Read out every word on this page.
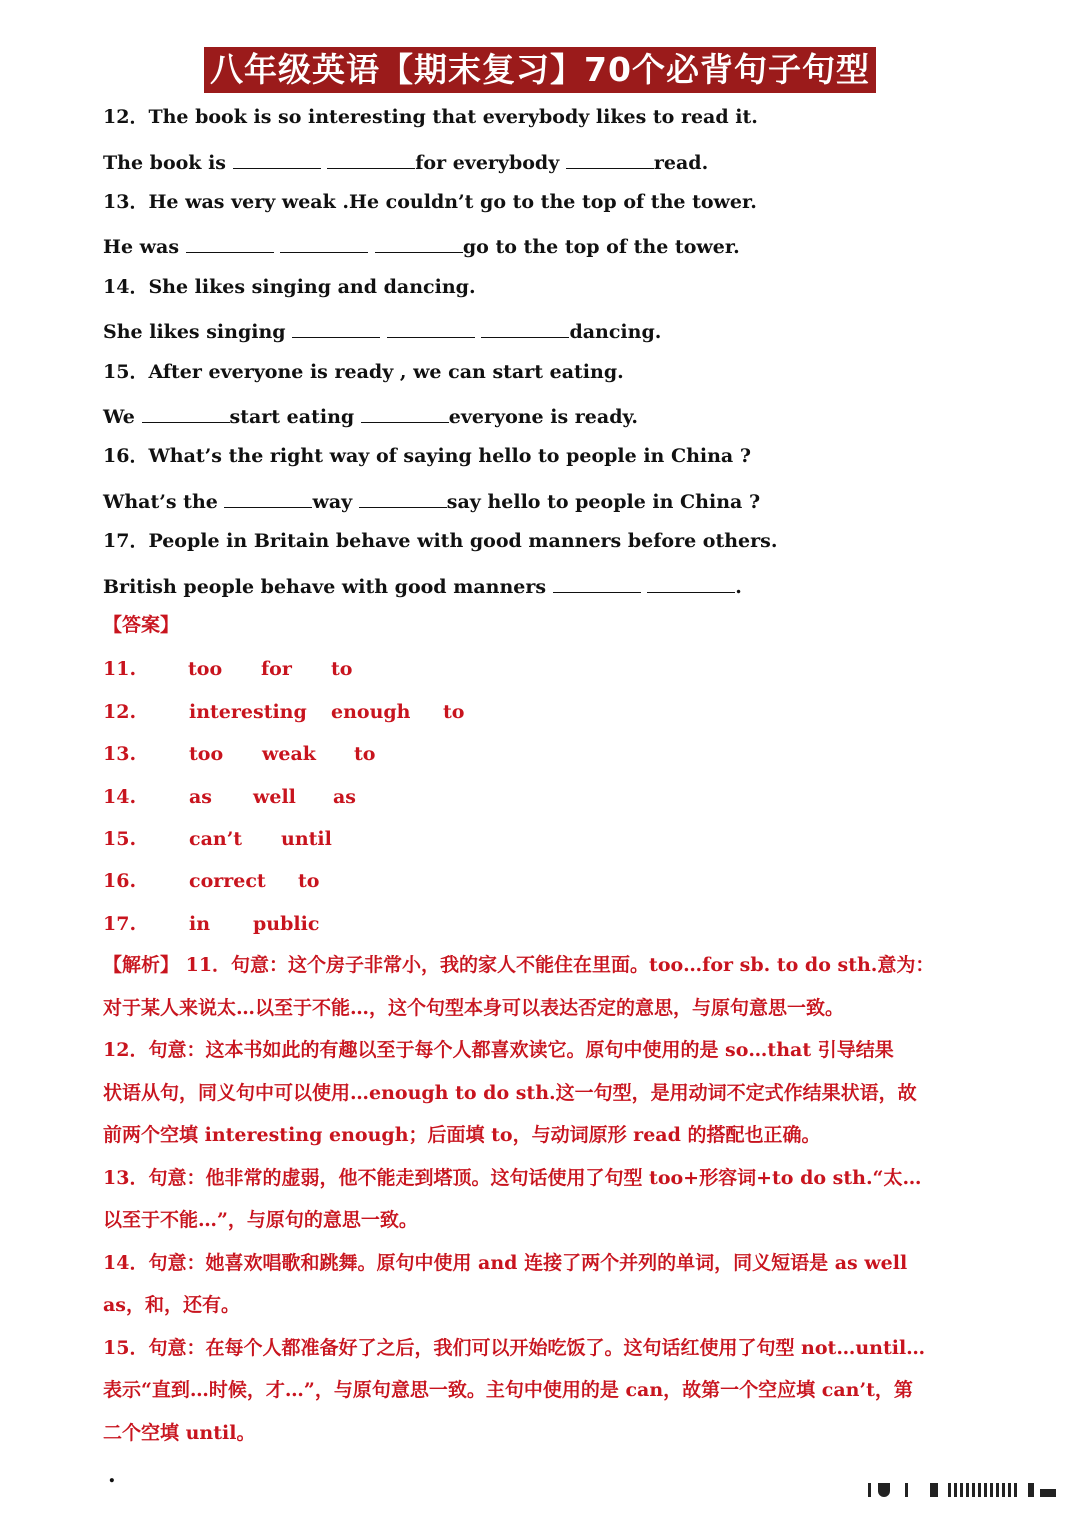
八年级英语【期末复习】70个必背句子句型
12．The book is so interesting that everybody likes to read it.
The book is	for everybody	read.
13．He was very weak .He couldn’t go to the top of the tower.
He was	go to the top of the tower.
14．She likes singing and dancing.
She likes singing	dancing.
15．After everyone is ready , we can start eating.
We	start eating	everyone is ready.
16．What’s the right way of saying hello to people in China ?
What’s the	way	say hello to people in China ?
17．People in Britain behave with good manners before others.
British people behave with good manners	.
【答案】
11.	too for to
12.	interesting enough to
13.	too weak to
14.	as well as
15.	can’t until
16.	correct to
17.	in public
【解析】 11．句意：这个房子非常小，我的家人不能住在里面。too…for sb. to do sth.意为：
对于某人来说太…以至于不能…，这个句型本身可以表达否定的意思，与原句意思一致。
12．句意：这本书如此的有趣以至于每个人都喜欢读它。原句中使用的是 so…that 引导结果
状语从句，同义句中可以使用…enough to do sth.这一句型，是用动词不定式作结果状语，故
前两个空填 interesting enough；后面填 to，与动词原形 read 的搭配也正确。
13．句意：他非常的虚弱，他不能走到塔顶。这句话使用了句型 too+形容词+to do sth.“太…
以至于不能…”，与原句的意思一致。
14．句意：她喜欢唱歌和跳舞。原句中使用 and 连接了两个并列的单词，同义短语是 as well
as，和，还有。
15．句意：在每个人都准备好了之后，我们可以开始吃饭了。这句话红使用了句型 not…until…
表示“直到…时候，才…”，与原句意思一致。主句中使用的是 can，故第一个空应填 can’t，第
二个空填 until。
.
